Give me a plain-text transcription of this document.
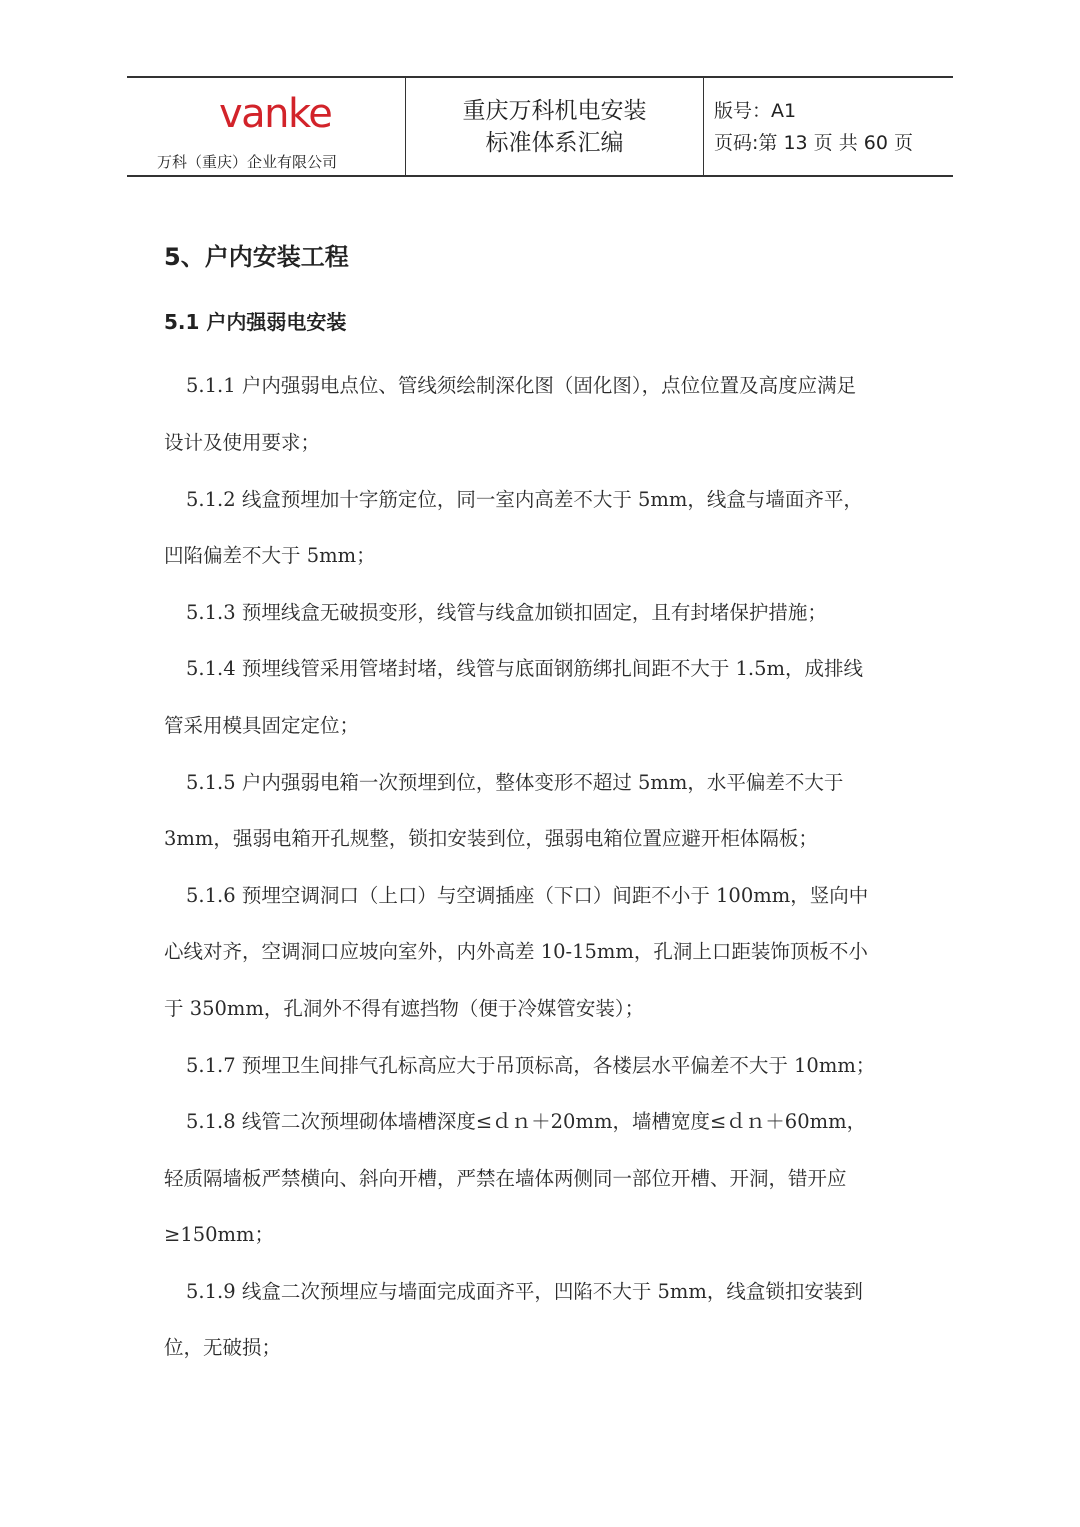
vanke
万科（重庆）企业有限公司
重庆万科机电安装
标准体系汇编
版号：A1
页码:第 13 页 共 60 页
5、户内安装工程
5.1 户内强弱电安装
5.1.1 户内强弱电点位、管线须绘制深化图（固化图），点位位置及高度应满足
设计及使用要求；
5.1.2 线盒预埋加十字筋定位，同一室内高差不大于 5mm，线盒与墙面齐平，
凹陷偏差不大于 5mm；
5.1.3 预埋线盒无破损变形，线管与线盒加锁扣固定，且有封堵保护措施；
5.1.4 预埋线管采用管堵封堵，线管与底面钢筋绑扎间距不大于 1.5m，成排线
管采用模具固定定位；
5.1.5 户内强弱电箱一次预埋到位，整体变形不超过 5mm，水平偏差不大于
3mm，强弱电箱开孔规整，锁扣安装到位，强弱电箱位置应避开柜体隔板；
5.1.6 预埋空调洞口（上口）与空调插座（下口）间距不小于 100mm，竖向中
心线对齐，空调洞口应坡向室外，内外高差 10-15mm，孔洞上口距装饰顶板不小
于 350mm，孔洞外不得有遮挡物（便于冷媒管安装）；
5.1.7 预埋卫生间排气孔标高应大于吊顶标高，各楼层水平偏差不大于 10mm；
5.1.8 线管二次预埋砌体墙槽深度≤ｄｎ＋20mm，墙槽宽度≤ｄｎ＋60mm，
轻质隔墙板严禁横向、斜向开槽，严禁在墙体两侧同一部位开槽、开洞，错开应
≥150mm；
5.1.9 线盒二次预埋应与墙面完成面齐平，凹陷不大于 5mm，线盒锁扣安装到
位，无破损；
